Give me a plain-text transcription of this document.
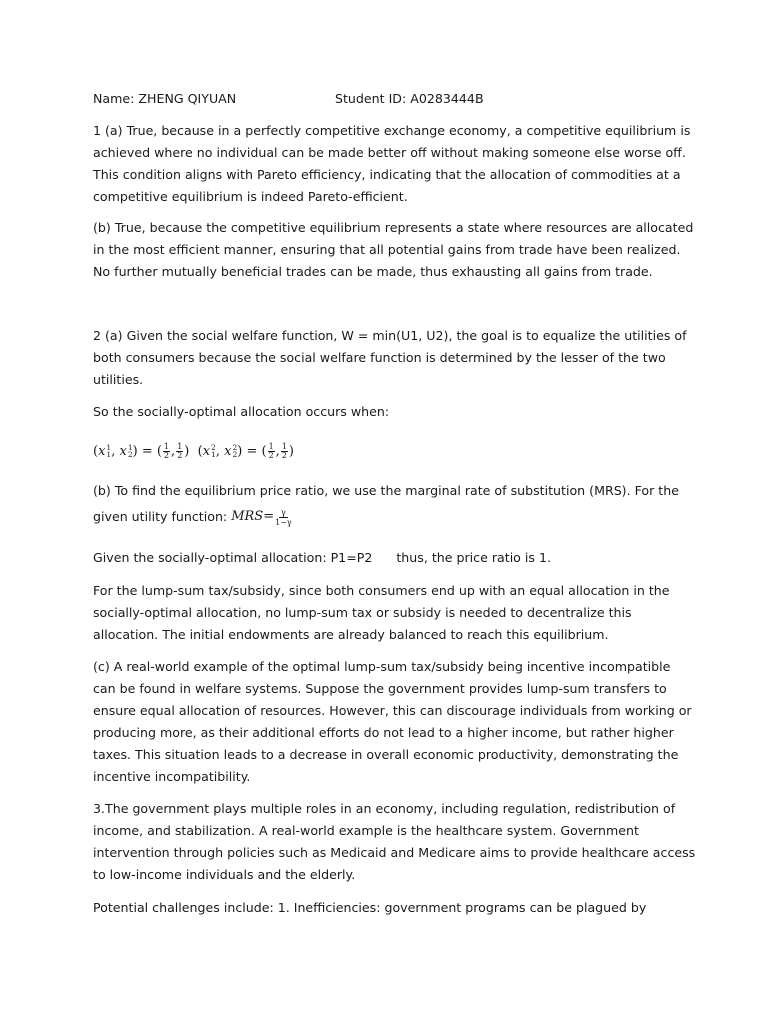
Name: ZHENG QIYUAN	Student ID: A0283444B
1 (a) True, because in a perfectly competitive exchange economy, a competitive equilibrium is
achieved where no individual can be made better off without making someone else worse off.
This condition aligns with Pareto efficiency, indicating that the allocation of commodities at a
competitive equilibrium is indeed Pareto-efficient.
(b) True, because the competitive equilibrium represents a state where resources are allocated
in the most efficient manner, ensuring that all potential gains from trade have been realized.
No further mutually beneficial trades can be made, thus exhausting all gains from trade.
2 (a) Given the social welfare function, W = min(U1, U2), the goal is to equalize the utilities of
both consumers because the social welfare function is determined by the lesser of the two
utilities.
So the socially-optimal allocation occurs when:
( x 1
1 ,
x 1
2 )
=
( $\frac{1}{2}$ , $\frac{1}{2}$ )
( x 2
1 ,
x 2
2 )
=
( $\frac{1}{2}$ , $\frac{1}{2}$ )
(b) To find the equilibrium price ratio, we use the marginal rate of substitution (MRS). For the
given utility function: MRS = $\frac{\gamma}{1-\gamma}$
Given the socially-optimal allocation: P1=P2      thus, the price ratio is 1.
For the lump-sum tax/subsidy, since both consumers end up with an equal allocation in the
socially-optimal allocation, no lump-sum tax or subsidy is needed to decentralize this
allocation. The initial endowments are already balanced to reach this equilibrium.
(c) A real-world example of the optimal lump-sum tax/subsidy being incentive incompatible
can be found in welfare systems. Suppose the government provides lump-sum transfers to
ensure equal allocation of resources. However, this can discourage individuals from working or
producing more, as their additional efforts do not lead to a higher income, but rather higher
taxes. This situation leads to a decrease in overall economic productivity, demonstrating the
incentive incompatibility.
3.The government plays multiple roles in an economy, including regulation, redistribution of
income, and stabilization. A real-world example is the healthcare system. Government
intervention through policies such as Medicaid and Medicare aims to provide healthcare access
to low-income individuals and the elderly.
Potential challenges include: 1. Inefficiencies: government programs can be plagued by
